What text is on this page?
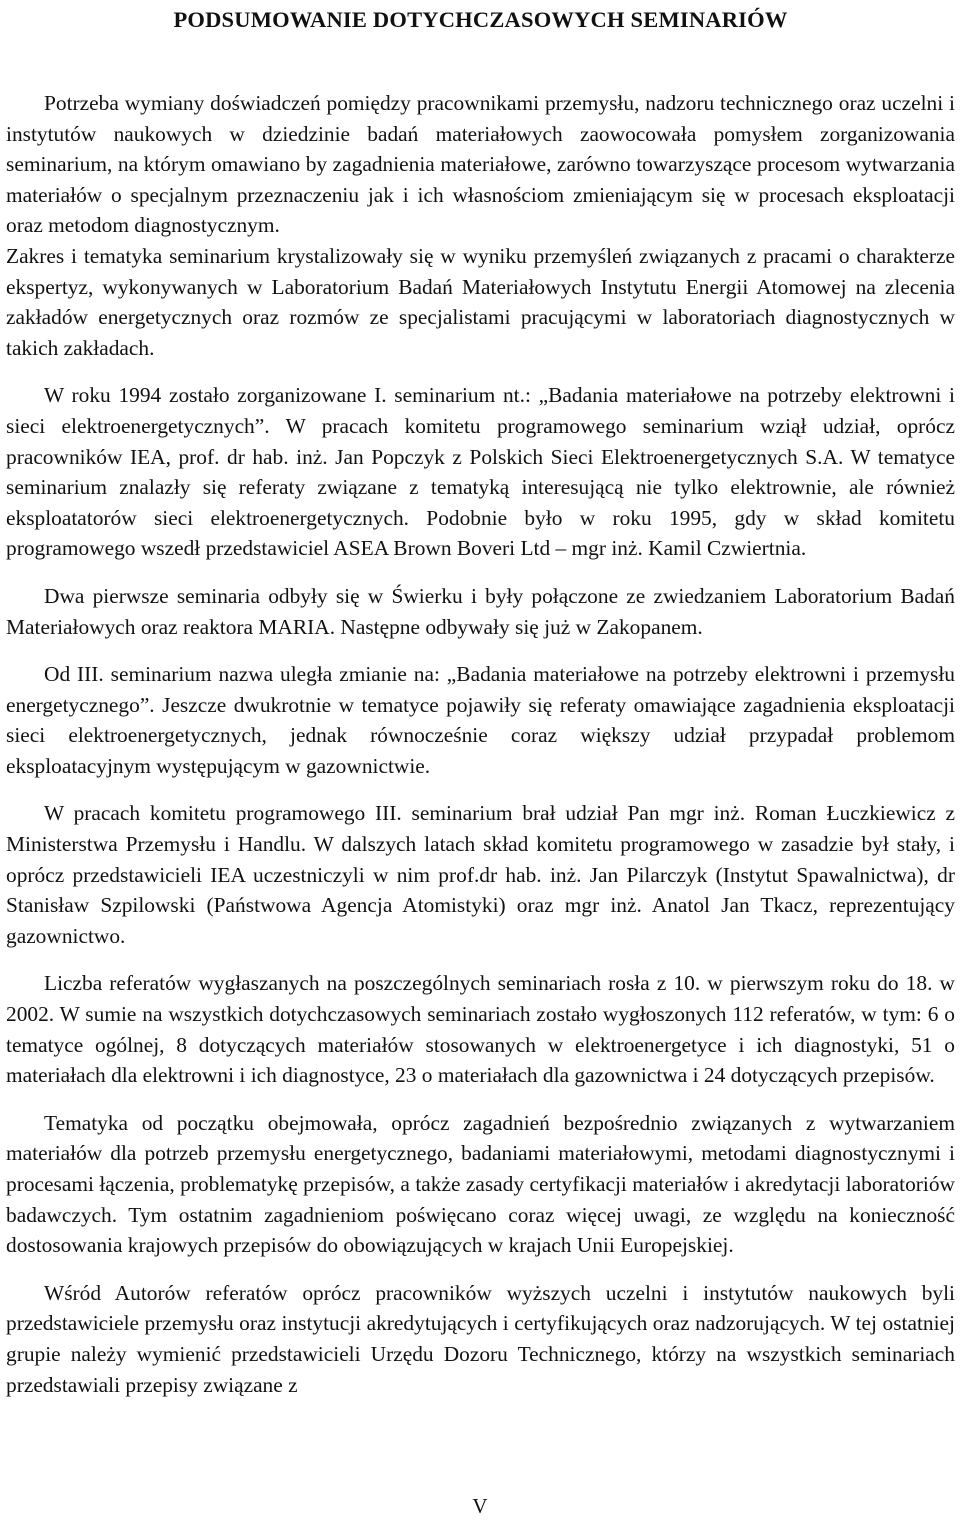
PODSUMOWANIE DOTYCHCZASOWYCH SEMINARIÓW

Potrzeba wymiany doświadczeń pomiędzy pracownikami przemysłu, nadzoru technicznego oraz uczelni i instytutów naukowych w dziedzinie badań materiałowych zaowocowała pomysłem zorganizowania seminarium, na którym omawiano by zagadnienia materiałowe, zarówno towarzyszące procesom wytwarzania materiałów o specjalnym przeznaczeniu jak i ich własnościom zmieniającym się w procesach eksploatacji oraz metodom diagnostycznym.

Zakres i tematyka seminarium krystalizowały się w wyniku przemyśleń związanych z pracami o charakterze ekspertyz, wykonywanych w Laboratorium Badań Materiałowych Instytutu Energii Atomowej na zlecenia zakładów energetycznych oraz rozmów ze specjalistami pracującymi w laboratoriach diagnostycznych w takich zakładach.

W roku 1994 zostało zorganizowane I. seminarium nt.: „Badania materiałowe na potrzeby elektrowni i sieci elektroenergetycznych”. W pracach komitetu programowego seminarium wziął udział, oprócz pracowników IEA, prof. dr hab. inż. Jan Popczyk z Polskich Sieci Elektroenergetycznych S.A. W tematyce seminarium znalazły się referaty związane z tematyką interesującą nie tylko elektrownie, ale również eksploatatorów sieci elektroenergetycznych. Podobnie było w roku 1995, gdy w skład komitetu programowego wszedł przedstawiciel ASEA Brown Boveri Ltd – mgr inż. Kamil Czwiertnia.

Dwa pierwsze seminaria odbyły się w Świerku i były połączone ze zwiedzaniem Laboratorium Badań Materiałowych oraz reaktora MARIA. Następne odbywały się już w Zakopanem.

Od III. seminarium nazwa uległa zmianie na: „Badania materiałowe na potrzeby elektrowni i przemysłu energetycznego”. Jeszcze dwukrotnie w tematyce pojawiły się referaty omawiające zagadnienia eksploatacji sieci elektroenergetycznych, jednak równocześnie coraz większy udział przypadał problemom eksploatacyjnym występującym w gazownictwie.

W pracach komitetu programowego III. seminarium brał udział Pan mgr inż. Roman Łuczkiewicz z Ministerstwa Przemysłu i Handlu. W dalszych latach skład komitetu programowego w zasadzie był stały, i oprócz przedstawicieli IEA uczestniczyli w nim prof.dr hab. inż. Jan Pilarczyk (Instytut Spawalnictwa), dr Stanisław Szpilowski (Państwowa Agencja Atomistyki) oraz mgr inż. Anatol Jan Tkacz, reprezentujący gazownictwo.

Liczba referatów wygłaszanych na poszczególnych seminariach rosła z 10. w pierwszym roku do 18. w 2002. W sumie na wszystkich dotychczasowych seminariach zostało wygłoszonych 112 referatów, w tym: 6 o tematyce ogólnej, 8 dotyczących materiałów stosowanych w elektroenergetyce i ich diagnostyki, 51 o materiałach dla elektrowni i ich diagnostyce, 23 o materiałach dla gazownictwa i 24 dotyczących przepisów.

Tematyka od początku obejmowała, oprócz zagadnień bezpośrednio związanych z wytwarzaniem materiałów dla potrzeb przemysłu energetycznego, badaniami materiałowymi, metodami diagnostycznymi i procesami łączenia, problematykę przepisów, a także zasady certyfikacji materiałów i akredytacji laboratoriów badawczych. Tym ostatnim zagadnieniom poświęcano coraz więcej uwagi, ze względu na konieczność dostosowania krajowych przepisów do obowiązujących w krajach Unii Europejskiej.

Wśród Autorów referatów oprócz pracowników wyższych uczelni i instytutów naukowych byli przedstawiciele przemysłu oraz instytucji akredytujących i certyfikujących oraz nadzorujących. W tej ostatniej grupie należy wymienić przedstawicieli Urzędu Dozoru Technicznego, którzy na wszystkich seminariach przedstawiali przepisy związane z

V
